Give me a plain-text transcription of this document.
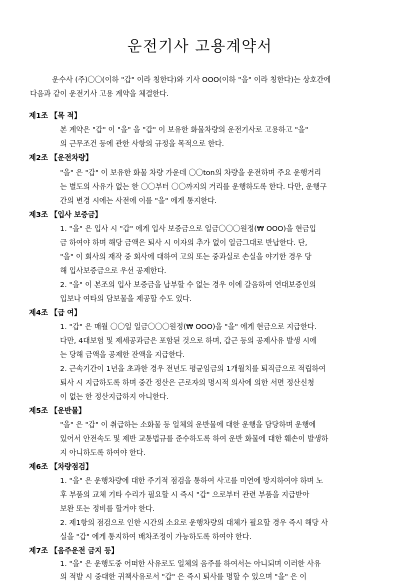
운전기사 고용계약서
운수사 (주)〇〇(이하 "갑" 이라 칭한다)와 기사 OOO(이하 "을" 이라 칭한다)는 상호간에
다음과 같이 운전기사 고용 계약을 체결한다.
제1조 【목 적】
본 계약은 "갑" 이 "을" 을 "갑" 이 보유한 화물차량의 운전기사로 고용하고 "을"
의 근무조건 등에 관한 사항의 규정을 목적으로 한다.
제2조 【운전차량】
"을" 은 "갑" 이 보유한 화물 차량 가운데 〇〇ton의 차량을 운전하며 주요 운행거리
는 별도의 사유가 없는 한 〇〇부터 〇〇까지의 거리를 운행하도록 한다. 다만, 운행구
간의 변경 시에는 사전에 이를 "을" 에게 통지한다.
제3조 【입사 보증금】
1. "을" 은 입사 시 "갑" 에게 입사 보증금으로 일금〇〇〇원정(₩ OOO)을 현금입
금 하여야 하며 해당 금액은 퇴사 시 이자의 추가 없이 일금그대로 반납한다. 단,
"을" 이 회사의 재작 중 회사에 대하여 고의 또는 중과실로 손실을 야기한 경우 당
해 입사보증금으로 우선 공제한다.
2. "을" 이 본조의 입사 보증금을 납부할 수 없는 경우 이에 갈음하여 연대보증인의
입보나 여타의 담보물을 제공할 수도 있다.
제4조 【급 여】
1. "갑" 은 매월 〇〇일 일금〇〇〇원정(₩ OOO)을 "을" 에게 현금으로 지급한다.
다만, 4대보험 및 제세공과금은 포함된 것으로 하며, 갑근 등의 공제사유 발생 시에
는 당해 금액을 공제한 잔액을 지급한다.
2. 근속기간이 1년을 초과한 경우 전년도 평균임금의 1개월치를 퇴직금으로 적립하여
퇴사 시 지급하도록 하며 중간 정산은 근로자의 명시적 의사에 의한 서면 정산신청
이 없는 한 정산지급하지 아니한다.
제5조 【운반물】
"을" 은 "갑" 이 취급하는 소화물 등 일체의 운반물에 대한 운행을 담당하며 운행에
있어서 안전속도 및 제반 교통법규를 준수하도록 하여 운반 화물에 대한 훼손이 발생하
지 아니하도록 하여야 한다.
제6조 【차량점검】
1. "을" 은 운행차량에 대한 주기적 점검을 통하여 사고를 미연에 방지하여야 하며 노
후 부품의 교체 기타 수리가 필요할 시 즉시 "갑" 으로부터 관련 부품을 지급받아
보완 또는 정비를 할거야 한다.
2. 제1항의 점검으로 인한 시간의 소요로 운행차량의 대체가 필요할 경우 즉시 해당 사
실을 "갑" 에게 통지하여 배차조정이 가능하도록 하여야 한다.
제7조 【음주운전 금지 등】
1. "을" 은 운행도중 어떠한 사유로도 일체의 음주를 하여서는 아니되며 이러한 사유
의 적발 시 중대한 귀책사유로서 "갑" 은 즉시 퇴사를 명할 수 있으며 "을" 은 이
